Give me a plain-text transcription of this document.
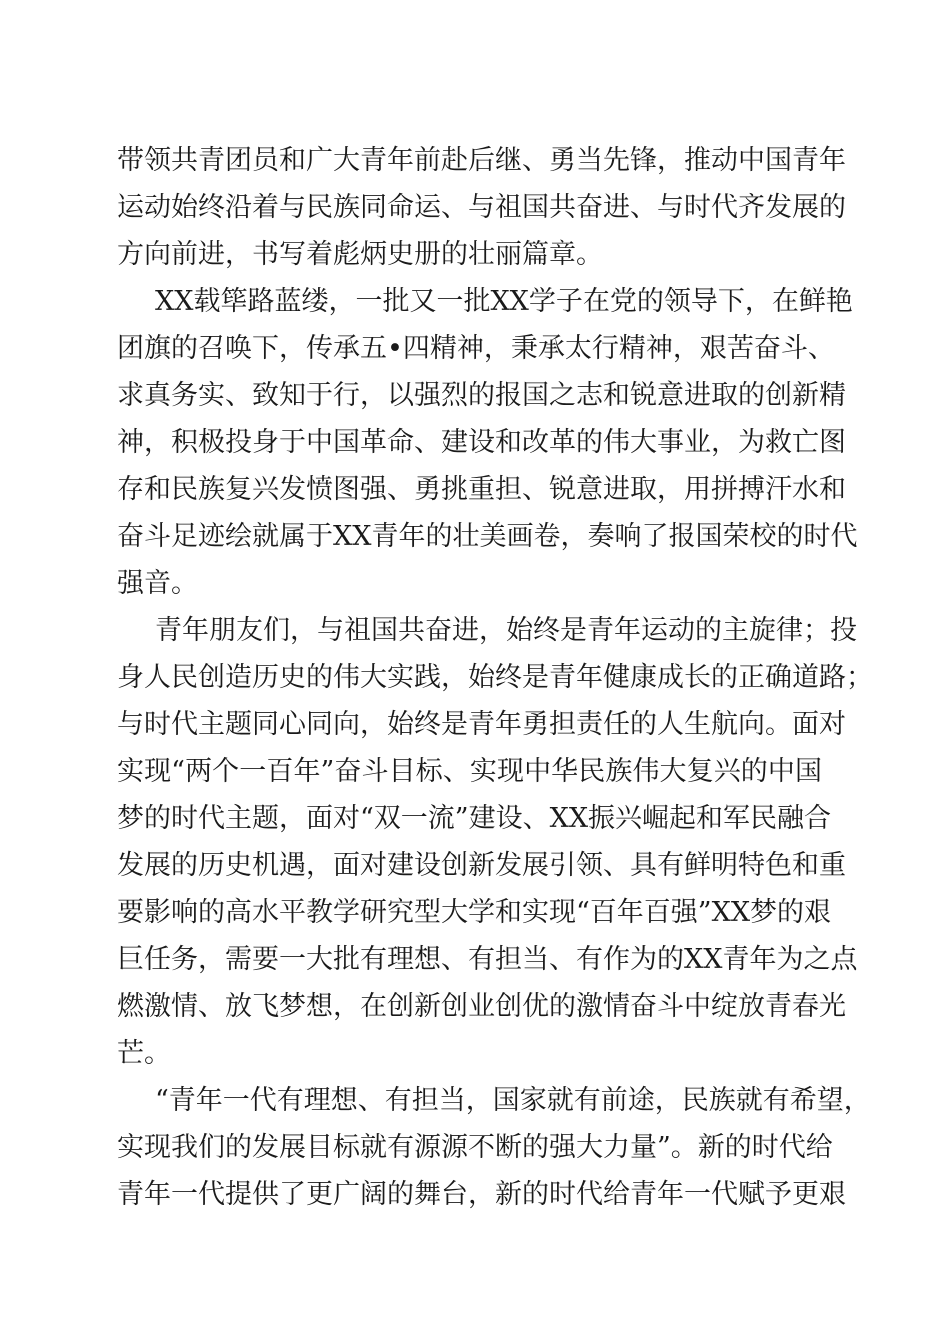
带领共青团员和广大青年前赴后继、勇当先锋，推动中国青年
运动始终沿着与民族同命运、与祖国共奋进、与时代齐发展的
方向前进，书写着彪炳史册的壮丽篇章。
XX载筚路蓝缕，一批又一批XX学子在党的领导下，在鲜艳
团旗的召唤下，传承五•四精神，秉承太行精神，艰苦奋斗、
求真务实、致知于行，以强烈的报国之志和锐意进取的创新精
神，积极投身于中国革命、建设和改革的伟大事业，为救亡图
存和民族复兴发愤图强、勇挑重担、锐意进取，用拼搏汗水和
奋斗足迹绘就属于XX青年的壮美画卷，奏响了报国荣校的时代
强音。
青年朋友们，与祖国共奋进，始终是青年运动的主旋律；投
身人民创造历史的伟大实践，始终是青年健康成长的正确道路；
与时代主题同心同向，始终是青年勇担责任的人生航向。面对
实现“两个一百年”奋斗目标、实现中华民族伟大复兴的中国
梦的时代主题，面对“双一流”建设、XX振兴崛起和军民融合
发展的历史机遇，面对建设创新发展引领、具有鲜明特色和重
要影响的高水平教学研究型大学和实现“百年百强”XX梦的艰
巨任务，需要一大批有理想、有担当、有作为的XX青年为之点
燃激情、放飞梦想，在创新创业创优的激情奋斗中绽放青春光
芒。
“青年一代有理想、有担当，国家就有前途，民族就有希望，
实现我们的发展目标就有源源不断的强大力量”。新的时代给
青年一代提供了更广阔的舞台，新的时代给青年一代赋予更艰
